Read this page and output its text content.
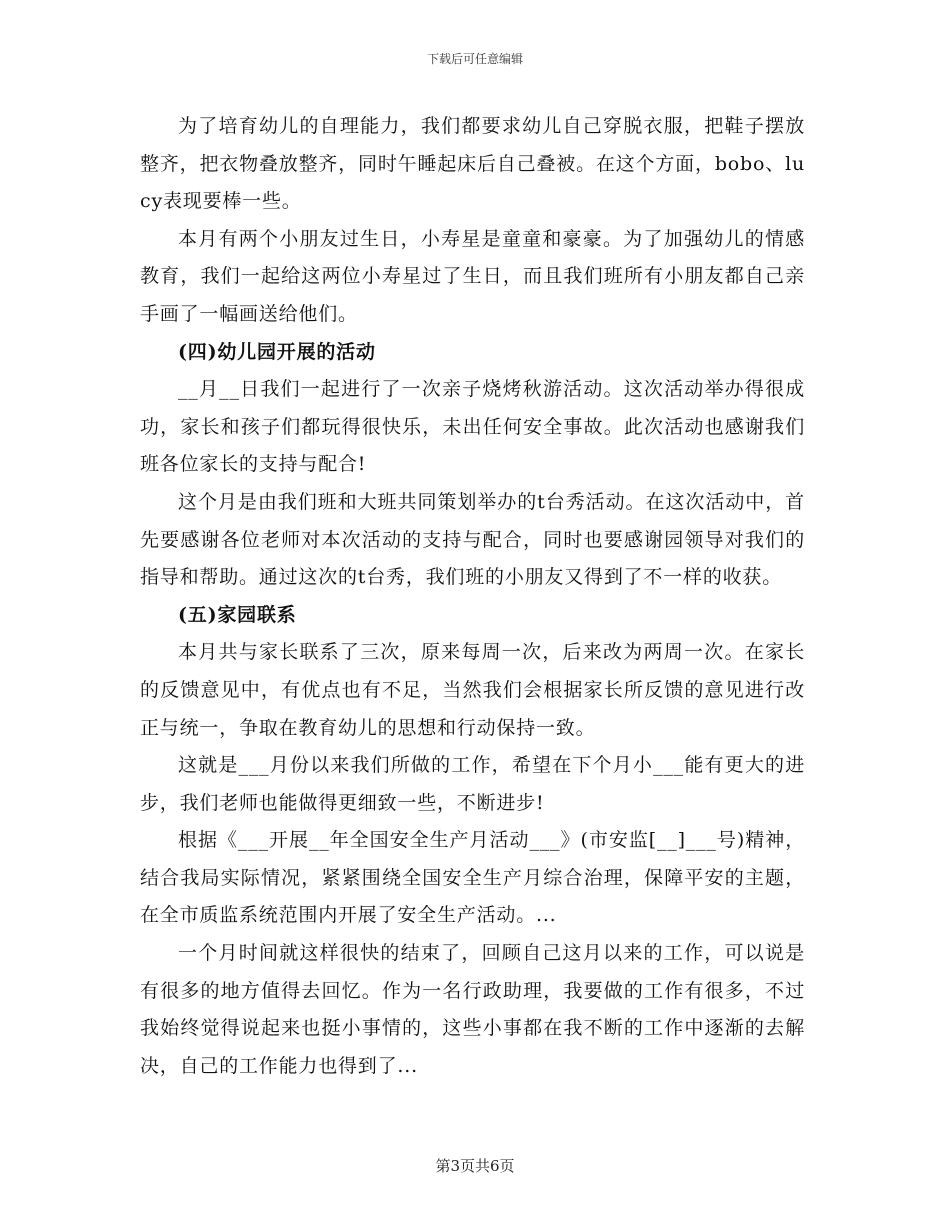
下载后可任意编辑

为了培育幼儿的自理能力，我们都要求幼儿自己穿脱衣服，把鞋子摆放整齐，把衣物叠放整齐，同时午睡起床后自己叠被。在这个方面，bobo、lucy表现要棒一些。

本月有两个小朋友过生日，小寿星是童童和豪豪。为了加强幼儿的情感教育，我们一起给这两位小寿星过了生日，而且我们班所有小朋友都自己亲手画了一幅画送给他们。

(四)幼儿园开展的活动

__月__日我们一起进行了一次亲子烧烤秋游活动。这次活动举办得很成功，家长和孩子们都玩得很快乐，未出任何安全事故。此次活动也感谢我们班各位家长的支持与配合!

这个月是由我们班和大班共同策划举办的t台秀活动。在这次活动中，首先要感谢各位老师对本次活动的支持与配合，同时也要感谢园领导对我们的指导和帮助。通过这次的t台秀，我们班的小朋友又得到了不一样的收获。

(五)家园联系

本月共与家长联系了三次，原来每周一次，后来改为两周一次。在家长的反馈意见中，有优点也有不足，当然我们会根据家长所反馈的意见进行改正与统一，争取在教育幼儿的思想和行动保持一致。

这就是___月份以来我们所做的工作，希望在下个月小___能有更大的进步，我们老师也能做得更细致一些，不断进步!

根据《___开展__年全国安全生产月活动___》(市安监[__]___号)精神，结合我局实际情况，紧紧围绕全国安全生产月综合治理，保障平安的主题，在全市质监系统范围内开展了安全生产活动。...

一个月时间就这样很快的结束了，回顾自己这月以来的工作，可以说是有很多的地方值得去回忆。作为一名行政助理，我要做的工作有很多，不过我始终觉得说起来也挺小事情的，这些小事都在我不断的工作中逐渐的去解决，自己的工作能力也得到了...

第3页共6页
